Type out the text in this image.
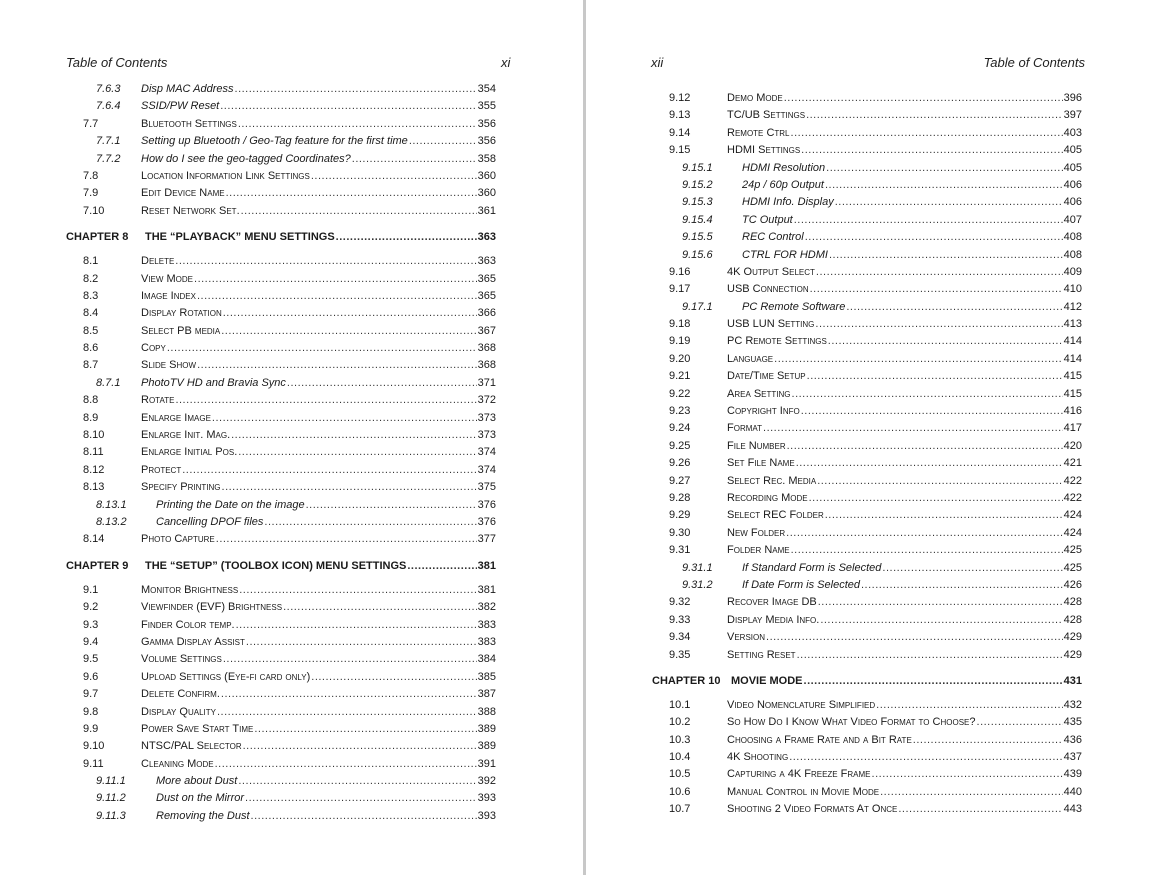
Table of Contents	xi
7.6.3 Disp MAC Address .....	354
7.6.4 SSID/PW Reset .....	355
7.7	Bluetooth Settings .....	356
7.7.1 Setting up Bluetooth / Geo-Tag feature for the first time .....	356
7.7.2 How do I see the geo-tagged Coordinates? .....	358
7.8	Location Information Link Settings .....	360
7.9	Edit Device Name .....	360
7.10	Reset Network Set. .....	361
CHAPTER 8 THE “PLAYBACK” MENU SETTINGS .....	363
8.1	Delete .....	363
8.2	View Mode .....	365
8.3	Image Index .....	365
8.4	Display Rotation .....	366
8.5	Select PB media .....	367
8.6	Copy .....	368
8.7	Slide Show .....	368
8.7.1 PhotoTV HD and Bravia Sync .....	371
8.8	Rotate .....	372
8.9	Enlarge Image .....	373
8.10	Enlarge Init. Mag. .....	373
8.11	Enlarge Initial Pos. .....	374
8.12	Protect .....	374
8.13	Specify Printing .....	375
8.13.1	Printing the Date on the image .....	376
8.13.2	Cancelling DPOF files .....	376
8.14	Photo Capture .....	377
CHAPTER 9 THE “SETUP” (TOOLBOX ICON) MENU SETTINGS .....	381
9.1	Monitor Brightness .....	381
9.2	Viewfinder (EVF) Brightness .....	382
9.3	Finder Color temp. .....	383
9.4	Gamma Display Assist .....	383
9.5	Volume Settings .....	384
9.6	Upload Settings (Eye-fi card only) .....	385
9.7	Delete Confirm. .....	387
9.8	Display Quality .....	388
9.9	Power Save Start Time .....	389
9.10	NTSC/PAL Selector .....	389
9.11	Cleaning Mode .....	391
9.11.1	More about Dust .....	392
9.11.2	Dust on the Mirror .....	393
9.11.3	Removing the Dust .....	393
xii	Table of Contents
9.12	Demo Mode .....	396
9.13	TC/UB Settings .....	397
9.14	Remote Ctrl .....	403
9.15	HDMI Settings .....	405
9.15.1	HDMI Resolution .....	405
9.15.2	24p / 60p Output .....	406
9.15.3	HDMI Info. Display .....	406
9.15.4	TC Output .....	407
9.15.5	REC Control .....	408
9.15.6	CTRL FOR HDMI .....	408
9.16	4K Output Select .....	409
9.17	USB Connection .....	410
9.17.1	PC Remote Software .....	412
9.18	USB LUN Setting .....	413
9.19	PC Remote Settings .....	414
9.20	Language .....	414
9.21	Date/Time Setup .....	415
9.22	Area Setting .....	415
9.23	Copyright Info .....	416
9.24	Format .....	417
9.25	File Number .....	420
9.26	Set File Name .....	421
9.27	Select Rec. Media .....	422
9.28	Recording Mode .....	422
9.29	Select REC Folder .....	424
9.30	New Folder .....	424
9.31	Folder Name .....	425
9.31.1	If Standard Form is Selected .....	425
9.31.2	If Date Form is Selected .....	426
9.32	Recover Image DB .....	428
9.33	Display Media Info. .....	428
9.34	Version .....	429
9.35	Setting Reset .....	429
CHAPTER 10 MOVIE MODE .....	431
10.1	Video Nomenclature Simplified .....	432
10.2	So How Do I Know What Video Format to Choose? .....	435
10.3	Choosing a Frame Rate and a Bit Rate .....	436
10.4	4K Shooting .....	437
10.5	Capturing a 4K Freeze Frame .....	439
10.6	Manual Control in Movie Mode .....	440
10.7	Shooting 2 Video Formats At Once .....	443
